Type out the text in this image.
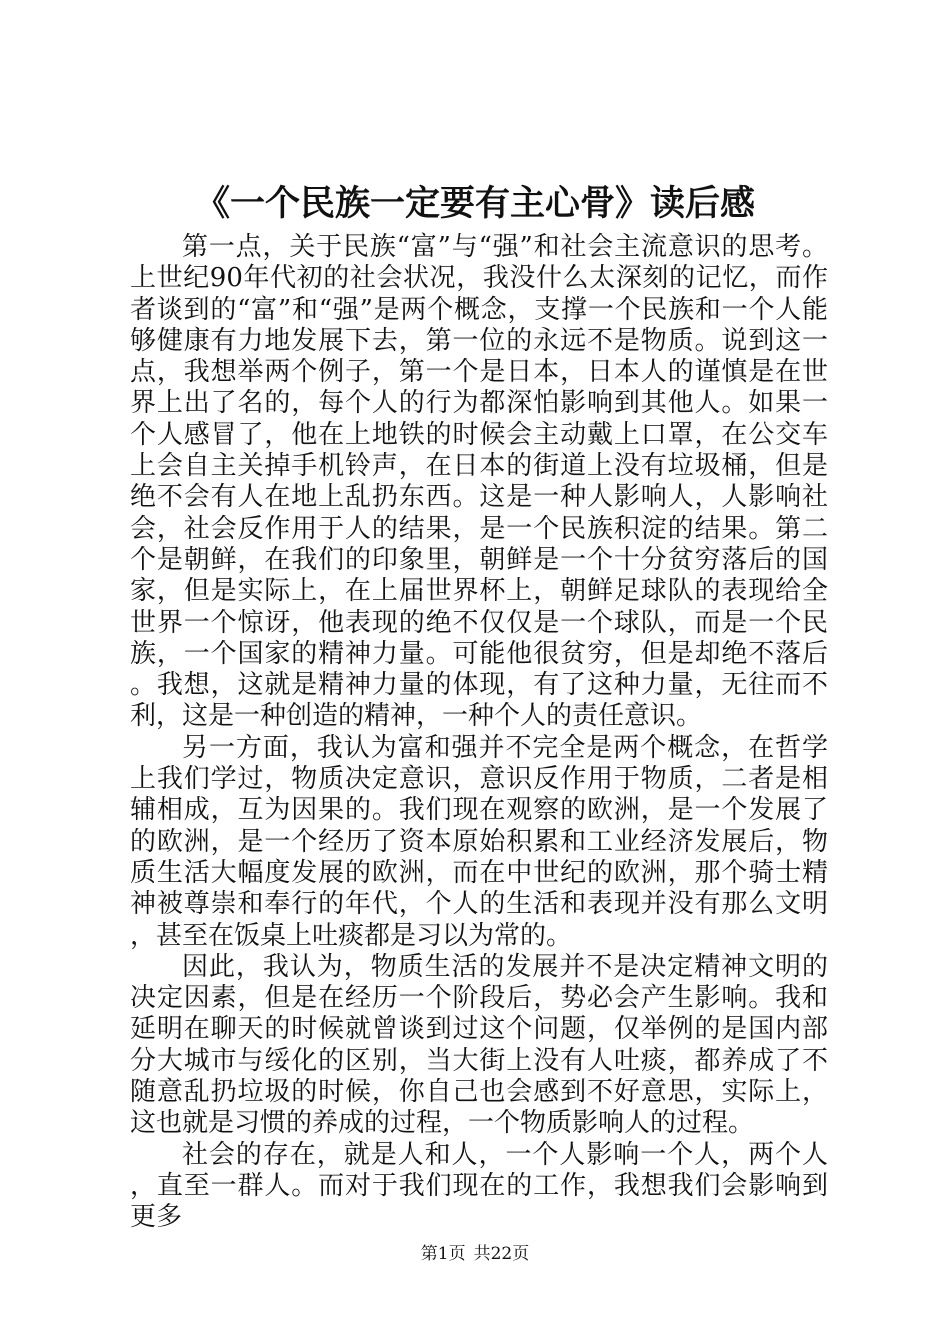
《一个民族一定要有主心骨》读后感

第一点，关于民族“富”与“强”和社会主流意识的思考。上世纪90年代初的社会状况，我没什么太深刻的记忆，而作者谈到的“富”和“强”是两个概念，支撑一个民族和一个人能够健康有力地发展下去，第一位的永远不是物质。说到这一点，我想举两个例子，第一个是日本，日本人的谨慎是在世界上出了名的，每个人的行为都深怕影响到其他人。如果一个人感冒了，他在上地铁的时候会主动戴上口罩，在公交车上会自主关掉手机铃声，在日本的街道上没有垃圾桶，但是绝不会有人在地上乱扔东西。这是一种人影响人，人影响社会，社会反作用于人的结果，是一个民族积淀的结果。第二个是朝鲜，在我们的印象里，朝鲜是一个十分贫穷落后的国家，但是实际上，在上届世界杯上，朝鲜足球队的表现给全世界一个惊讶，他表现的绝不仅仅是一个球队，而是一个民族，一个国家的精神力量。可能他很贫穷，但是却绝不落后。我想，这就是精神力量的体现，有了这种力量，无往而不利，这是一种创造的精神，一种个人的责任意识。

另一方面，我认为富和强并不完全是两个概念，在哲学上我们学过，物质决定意识，意识反作用于物质，二者是相辅相成，互为因果的。我们现在观察的欧洲，是一个发展了的欧洲，是一个经历了资本原始积累和工业经济发展后，物质生活大幅度发展的欧洲，而在中世纪的欧洲，那个骑士精神被尊崇和奉行的年代，个人的生活和表现并没有那么文明，甚至在饭桌上吐痰都是习以为常的。

因此，我认为，物质生活的发展并不是决定精神文明的决定因素，但是在经历一个阶段后，势必会产生影响。我和延明在聊天的时候就曾谈到过这个问题，仅举例的是国内部分大城市与绥化的区别，当大街上没有人吐痰，都养成了不随意乱扔垃圾的时候，你自己也会感到不好意思，实际上，这也就是习惯的养成的过程，一个物质影响人的过程。

社会的存在，就是人和人，一个人影响一个人，两个人，直至一群人。而对于我们现在的工作，我想我们会影响到更多

第1页 共22页
